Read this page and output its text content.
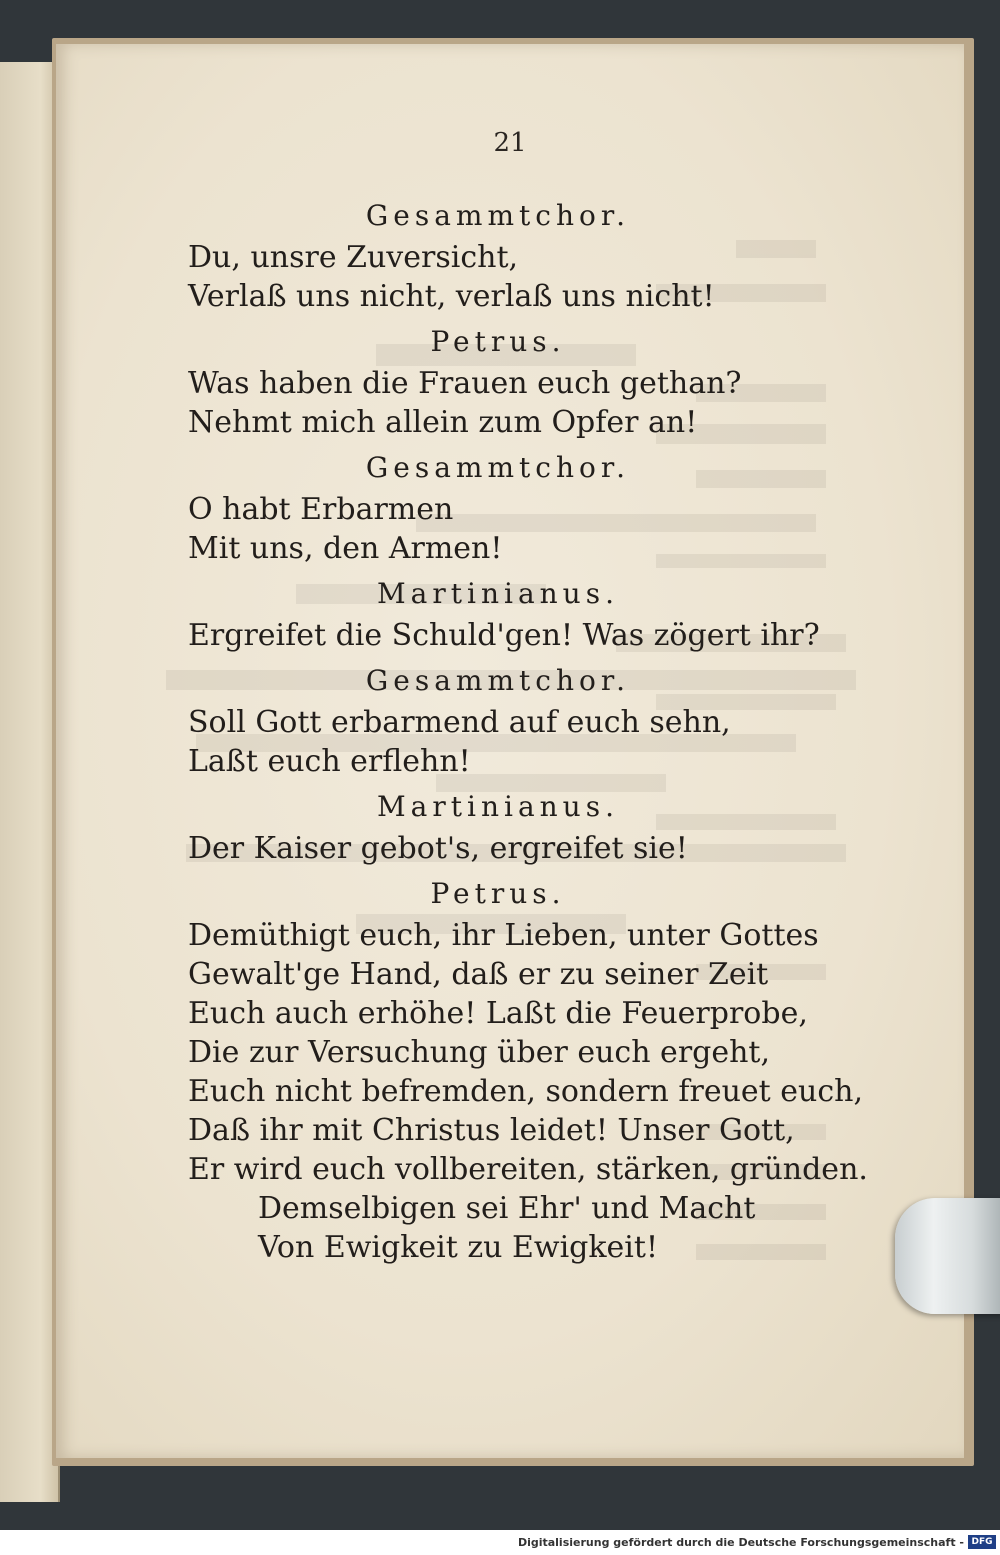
21
Gesammtchor.
Du, unsre Zuversicht,
Verlaß uns nicht, verlaß uns nicht!
Petrus.
Was haben die Frauen euch gethan?
Nehmt mich allein zum Opfer an!
Gesammtchor.
O habt Erbarmen
Mit uns, den Armen!
Martinianus.
Ergreifet die Schuld'gen! Was zögert ihr?
Gesammtchor.
Soll Gott erbarmend auf euch sehn,
Laßt euch erflehn!
Martinianus.
Der Kaiser gebot's, ergreifet sie!
Petrus.
Demüthigt euch, ihr Lieben, unter Gottes
Gewalt'ge Hand, daß er zu seiner Zeit
Euch auch erhöhe! Laßt die Feuerprobe,
Die zur Versuchung über euch ergeht,
Euch nicht befremden, sondern freuet euch,
Daß ihr mit Christus leidet! Unser Gott,
Er wird euch vollbereiten, stärken, gründen.
Demselbigen sei Ehr' und Macht
Von Ewigkeit zu Ewigkeit!
Digitalisierung gefördert durch die Deutsche Forschungsgemeinschaft - DFG
